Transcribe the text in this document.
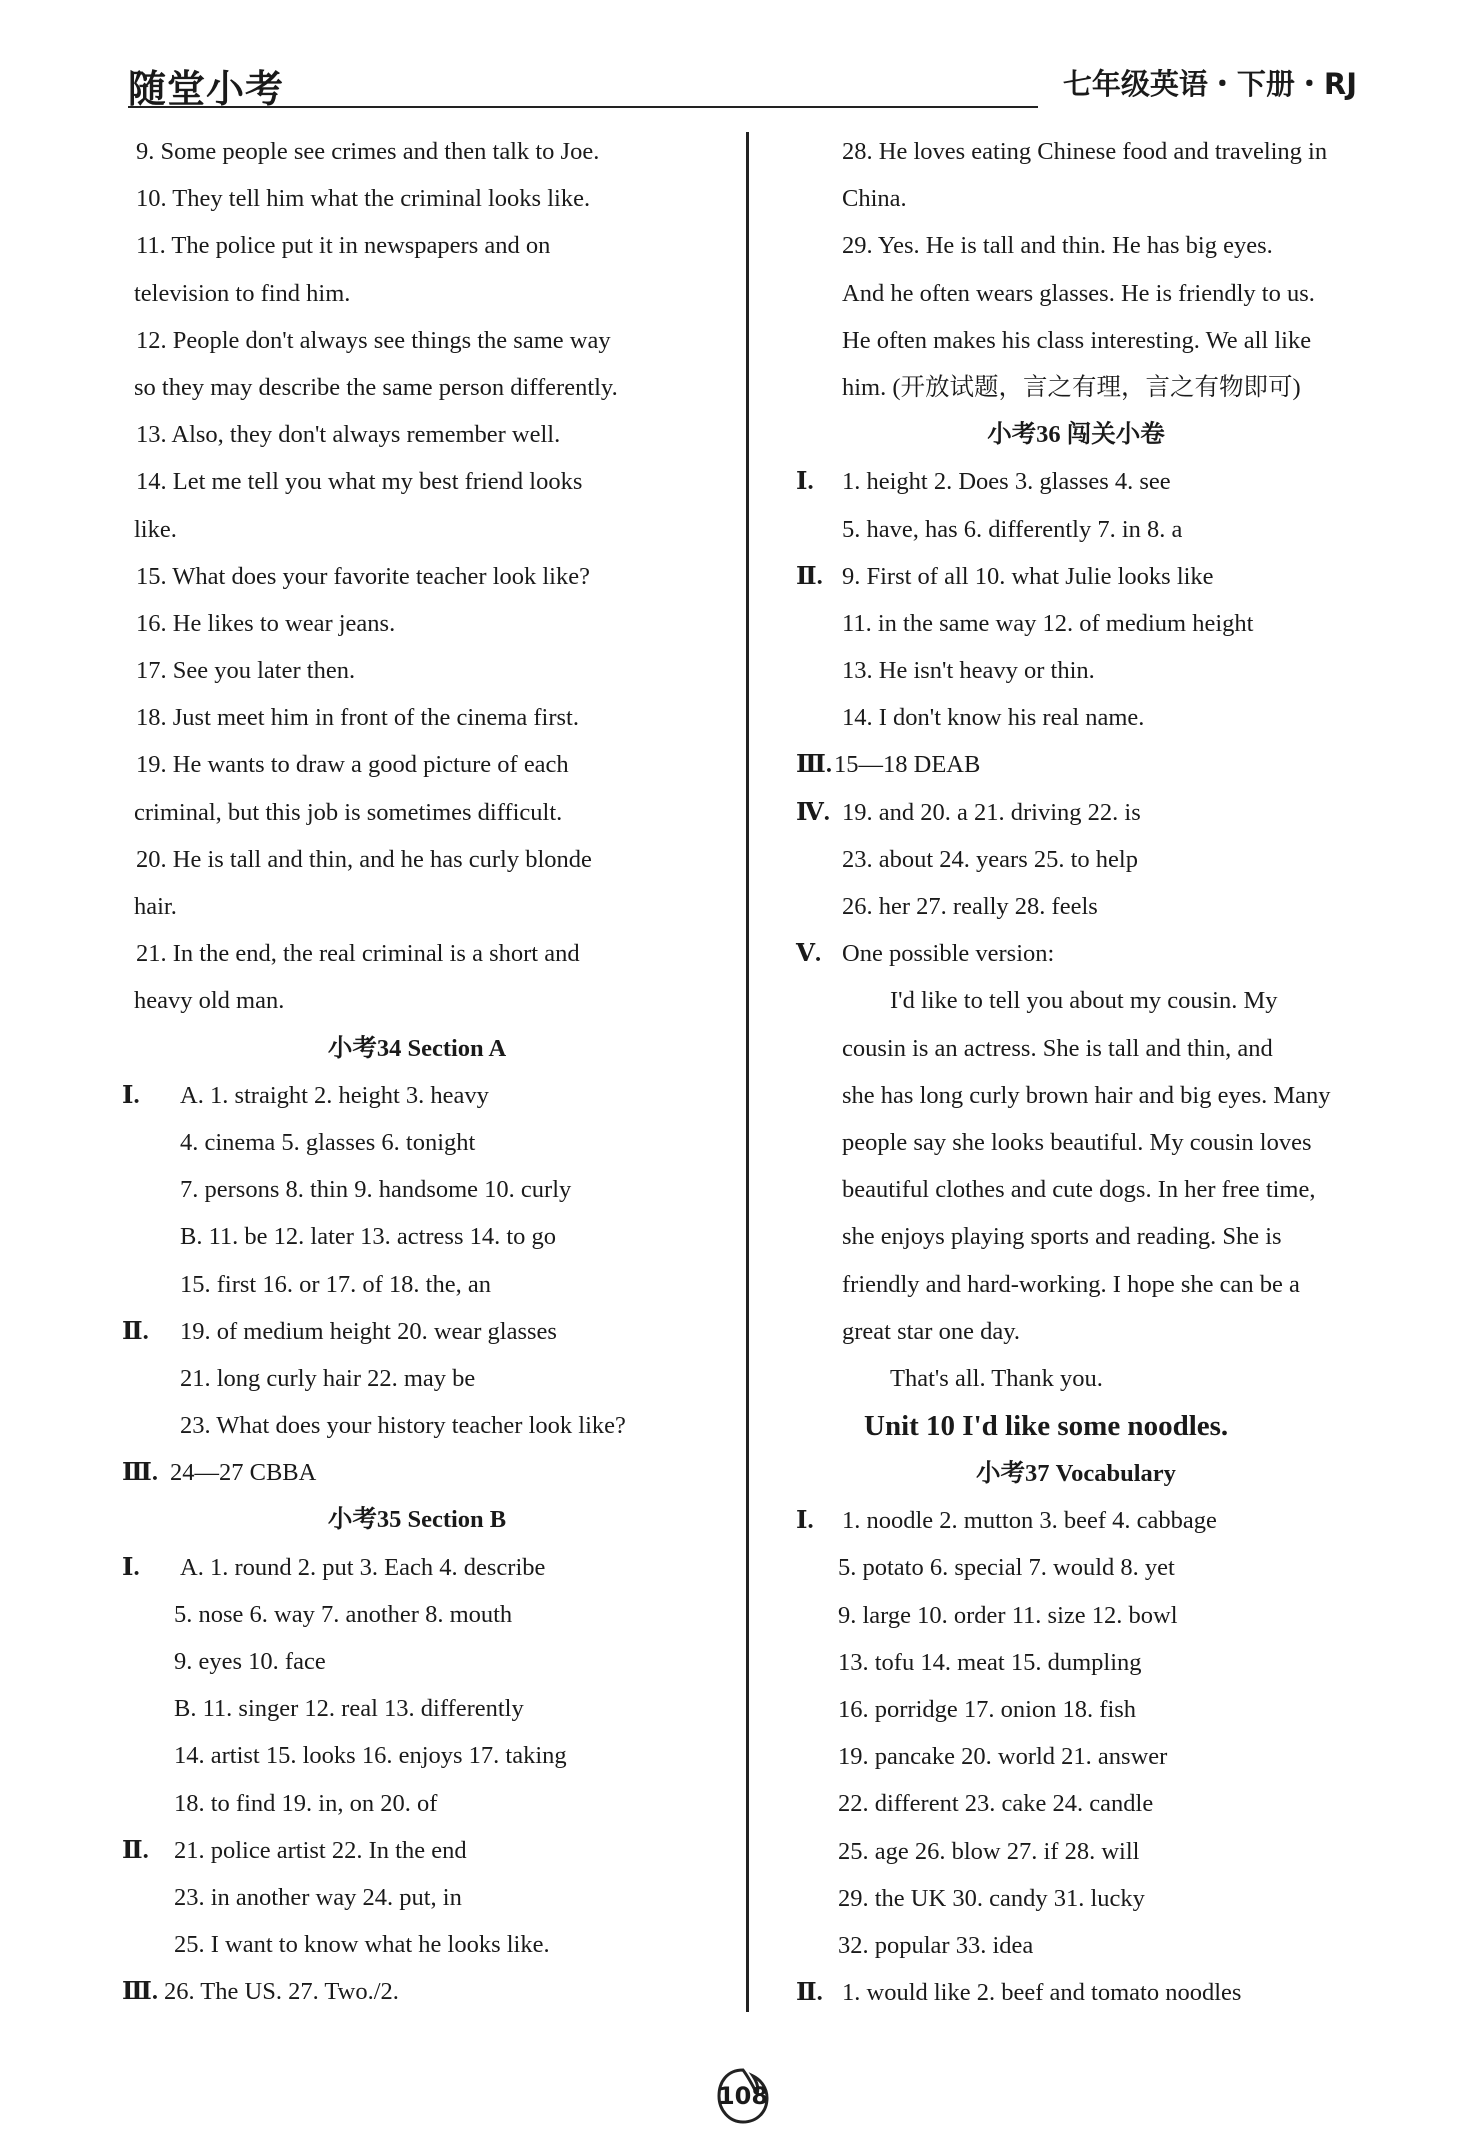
随堂小考	七年级英语・下册・RJ
9. Some people see crimes and then talk to Joe.
10. They tell him what the criminal looks like.
11. The police put it in newspapers and on
television to find him.
12. People don't always see things the same way
so they may describe the same person differently.
13. Also, they don't always remember well.
14. Let me tell you what my best friend looks
like.
15. What does your favorite teacher look like?
16. He likes to wear jeans.
17. See you later then.
18. Just meet him in front of the cinema first.
19. He wants to draw a good picture of each
criminal, but this job is sometimes difficult.
20. He is tall and thin, and he has curly blonde
hair.
21. In the end, the real criminal is a short and
heavy old man.
小考34 Section A
Ⅰ. A. 1. straight 2. height 3. heavy
4. cinema 5. glasses 6. tonight
7. persons 8. thin 9. handsome 10. curly
B. 11. be 12. later 13. actress 14. to go
15. first 16. or 17. of 18. the, an
Ⅱ. 19. of medium height 20. wear glasses
21. long curly hair 22. may be
23. What does your history teacher look like?
Ⅲ. 24—27 CBBA
小考35 Section B
Ⅰ. A. 1. round 2. put 3. Each 4. describe
5. nose 6. way 7. another 8. mouth
9. eyes 10. face
B. 11. singer 12. real 13. differently
14. artist 15. looks 16. enjoys 17. taking
18. to find 19. in, on 20. of
Ⅱ. 21. police artist 22. In the end
23. in another way 24. put, in
25. I want to know what he looks like.
Ⅲ. 26. The US. 27. Two./2.
28. He loves eating Chinese food and traveling in
China.
29. Yes. He is tall and thin. He has big eyes.
And he often wears glasses. He is friendly to us.
He often makes his class interesting. We all like
him. (开放试题，言之有理，言之有物即可)
小考36 闯关小卷
Ⅰ. 1. height 2. Does 3. glasses 4. see
5. have, has 6. differently 7. in 8. a
Ⅱ. 9. First of all 10. what Julie looks like
11. in the same way 12. of medium height
13. He isn't heavy or thin.
14. I don't know his real name.
Ⅲ. 15—18 DEAB
Ⅳ. 19. and 20. a 21. driving 22. is
23. about 24. years 25. to help
26. her 27. really 28. feels
Ⅴ. One possible version:
I'd like to tell you about my cousin. My
cousin is an actress. She is tall and thin, and
she has long curly brown hair and big eyes. Many
people say she looks beautiful. My cousin loves
beautiful clothes and cute dogs. In her free time,
she enjoys playing sports and reading. She is
friendly and hard-working. I hope she can be a
great star one day.
That's all. Thank you.
Unit 10 I'd like some noodles.
小考37 Vocabulary
Ⅰ. 1. noodle 2. mutton 3. beef 4. cabbage
5. potato 6. special 7. would 8. yet
9. large 10. order 11. size 12. bowl
13. tofu 14. meat 15. dumpling
16. porridge 17. onion 18. fish
19. pancake 20. world 21. answer
22. different 23. cake 24. candle
25. age 26. blow 27. if 28. will
29. the UK 30. candy 31. lucky
32. popular 33. idea
Ⅱ. 1. would like 2. beef and tomato noodles
108
